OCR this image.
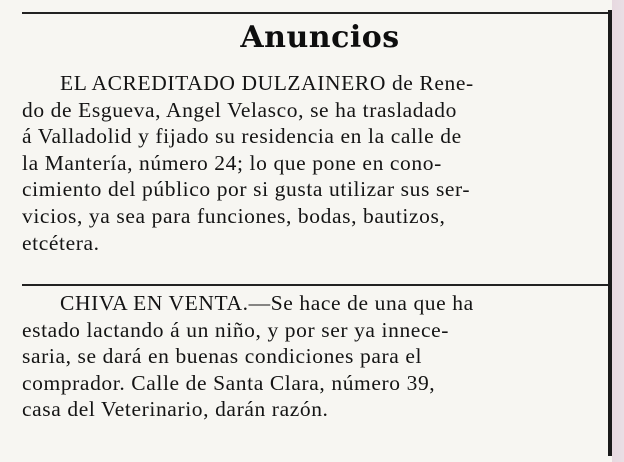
Anuncios
EL ACREDITADO DULZAINERO de Rene-
do de Esgueva, Angel Velasco, se ha trasladado
á Valladolid y fijado su residencia en la calle de
la Mantería, número 24; lo que pone en cono-
cimiento del público por si gusta utilizar sus ser-
vicios, ya sea para funciones, bodas, bautizos,
etcétera.
CHIVA EN VENTA.—Se hace de una que ha
estado lactando á un niño, y por ser ya innece-
saria, se dará en buenas condiciones para el
comprador. Calle de Santa Clara, número 39,
casa del Veterinario, darán razón.
